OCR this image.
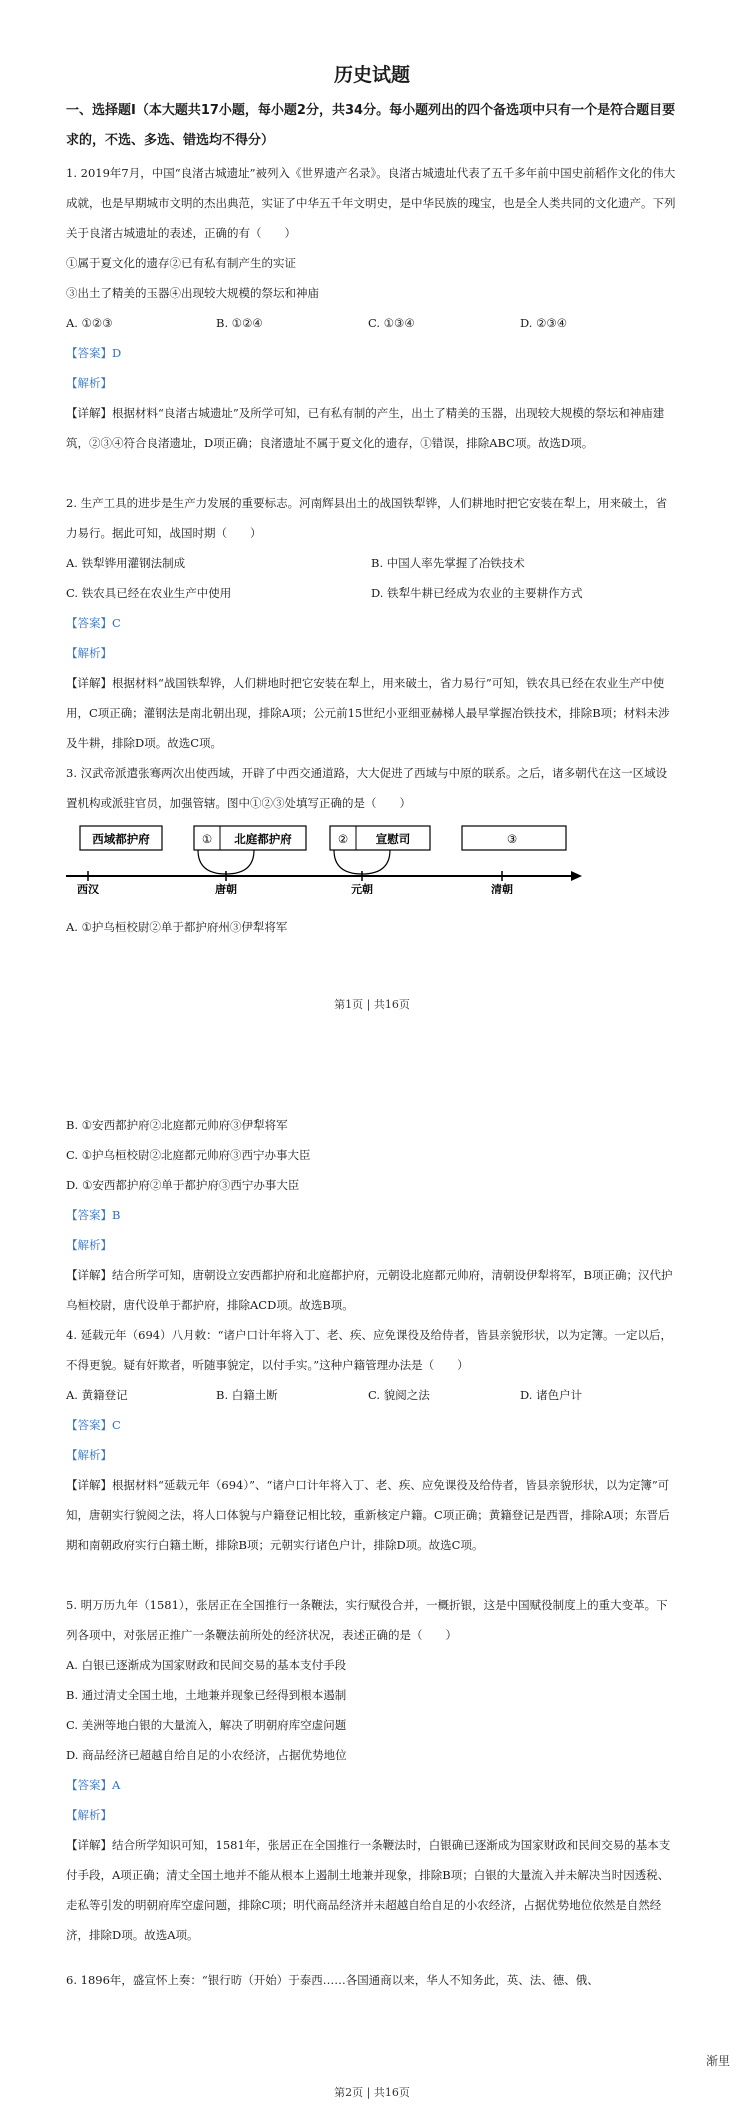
历史试题
一、选择题Ⅰ（本大题共17小题，每小题2分，共34分。每小题列出的四个备选项中只有一个是符合题目要求的，不选、多选、错选均不得分）
1. 2019年7月，中国“良渚古城遗址”被列入《世界遗产名录》。良渚古城遗址代表了五千多年前中国史前稻作文化的伟大成就，也是早期城市文明的杰出典范，实证了中华五千年文明史，是中华民族的瑰宝，也是全人类共同的文化遗产。下列关于良渚古城遗址的表述，正确的有（　　）
①属于夏文化的遗存②已有私有制产生的实证
③出土了精美的玉器④出现较大规模的祭坛和神庙
A. ①②③	B. ①②④	C. ①③④	D. ②③④
【答案】D
【解析】
【详解】根据材料“良渚古城遗址”及所学可知，已有私有制的产生，出土了精美的玉器，出现较大规模的祭坛和神庙建筑，②③④符合良渚遗址，D项正确；良渚遗址不属于夏文化的遗存，①错误，排除ABC项。故选D项。
2. 生产工具的进步是生产力发展的重要标志。河南辉县出土的战国铁犁铧，人们耕地时把它安装在犁上，用来破土，省力易行。据此可知，战国时期（　　）
A. 铁犁铧用灌钢法制成	B. 中国人率先掌握了冶铁技术
C. 铁农具已经在农业生产中使用	D. 铁犁牛耕已经成为农业的主要耕作方式
【答案】C
【解析】
【详解】根据材料“战国铁犁铧，人们耕地时把它安装在犁上，用来破土，省力易行”可知，铁农具已经在农业生产中使用，C项正确；灌钢法是南北朝出现，排除A项；公元前15世纪小亚细亚赫梯人最早掌握冶铁技术，排除B项；材料未涉及牛耕，排除D项。故选C项。
3. 汉武帝派遣张骞两次出使西域，开辟了中西交通道路，大大促进了西域与中原的联系。之后，诸多朝代在这一区域设置机构或派驻官员，加强管辖。图中①②③处填写正确的是（　　）
西域都护府	① 北庭都护府	② 宣慰司	③
西汉	唐朝	元朝	清朝
A. ①护乌桓校尉②单于都护府州③伊犁将军
第1页 | 共16页
B. ①安西都护府②北庭都元帅府③伊犁将军
C. ①护乌桓校尉②北庭都元帅府③西宁办事大臣
D. ①安西都护府②单于都护府③西宁办事大臣
【答案】B
【解析】
【详解】结合所学可知，唐朝设立安西都护府和北庭都护府，元朝设北庭都元帅府，清朝设伊犁将军，B项正确；汉代护乌桓校尉，唐代设单于都护府，排除ACD项。故选B项。
4. 延载元年（694）八月敕：“诸户口计年将入丁、老、疾、应免课役及给侍者，皆县亲貌形状，以为定簿。一定以后，不得更貌。疑有奸欺者，听随事貌定，以付手实。”这种户籍管理办法是（　　）
A. 黄籍登记	B. 白籍土断	C. 貌阅之法	D. 诸色户计
【答案】C
【解析】
【详解】根据材料“延载元年（694）”、“诸户口计年将入丁、老、疾、应免课役及给侍者，皆县亲貌形状，以为定簿”可知，唐朝实行貌阅之法，将人口体貌与户籍登记相比较，重新核定户籍。C项正确；黄籍登记是西晋，排除A项；东晋后期和南朝政府实行白籍土断，排除B项；元朝实行诸色户计，排除D项。故选C项。
5. 明万历九年（1581），张居正在全国推行一条鞭法，实行赋役合并，一概折银，这是中国赋役制度上的重大变革。下列各项中，对张居正推广一条鞭法前所处的经济状况，表述正确的是（　　）
A. 白银已逐渐成为国家财政和民间交易的基本支付手段
B. 通过清丈全国土地，土地兼并现象已经得到根本遏制
C. 美洲等地白银的大量流入，解决了明朝府库空虚问题
D. 商品经济已超越自给自足的小农经济，占据优势地位
【答案】A
【解析】
【详解】结合所学知识可知，1581年，张居正在全国推行一条鞭法时，白银确已逐渐成为国家财政和民间交易的基本支付手段，A项正确；清丈全国土地并不能从根本上遏制土地兼并现象，排除B项；白银的大量流入并未解决当时因透税、走私等引发的明朝府库空虚问题，排除C项；明代商品经济并未超越自给自足的小农经济，占据优势地位依然是自然经济，排除D项。故选A项。
6. 1896年，盛宣怀上奏：“银行昉（开始）于泰西……各国通商以来，华人不知务此，英、法、德、俄、
渐里
第2页 | 共16页
